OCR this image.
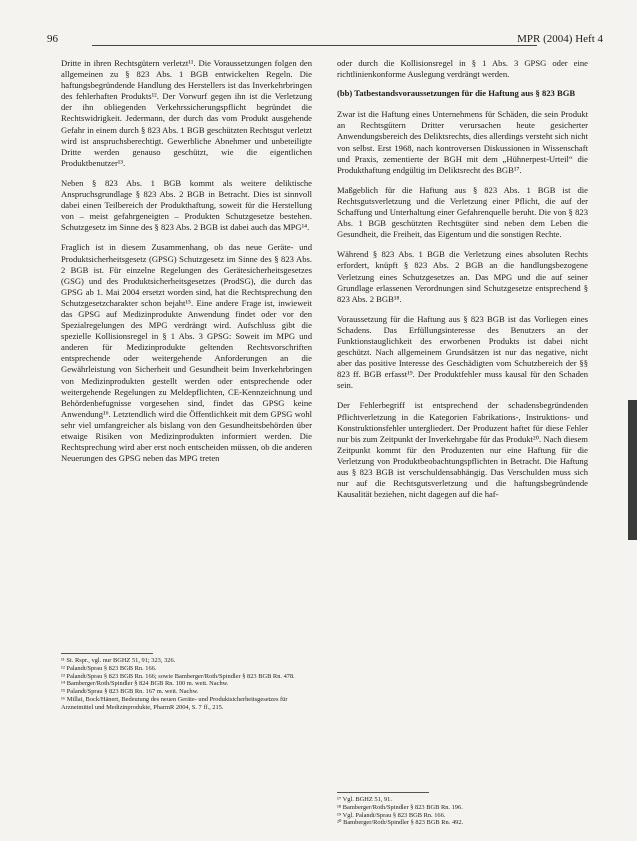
96	MPR (2004) Heft 4

Dritte in ihren Rechtsgütern verletzt¹¹. Die Voraussetzungen folgen den allgemeinen zu § 823 Abs. 1 BGB entwickelten Regeln. Die haftungsbegründende Handlung des Herstellers ist das Inverkehrbringen des fehlerhaften Produkts¹². Der Vorwurf gegen ihn ist die Verletzung der ihn obliegenden Verkehrssicherungspflicht begründet die Rechtswidrigkeit. Jedermann, der durch das vom Produkt ausgehende Gefahr in einem durch § 823 Abs. 1 BGB geschützten Rechtsgut verletzt wird ist anspruchsberechtigt. Gewerbliche Abnehmer und unbeteiligte Dritte werden genauso geschützt, wie die eigentlichen Produktbenutzer¹³.

Neben § 823 Abs. 1 BGB kommt als weitere deliktische Anspruchsgrundlage § 823 Abs. 2 BGB in Betracht. Dies ist sinnvoll dabei einen Teilbereich der Produkthaftung, soweit für die Herstellung von – meist gefahrgeneigten – Produkten Schutzgesetze bestehen. Schutzgesetz im Sinne des § 823 Abs. 2 BGB ist dabei auch das MPG¹⁴.

Fraglich ist in diesem Zusammenhang, ob das neue Geräte- und Produktsicherheitsgesetz (GPSG) Schutzgesetz im Sinne des § 823 Abs. 2 BGB ist. Für einzelne Regelungen des Gerätesicherheitsgesetzes (GSG) und des Produktsicherheitsgesetzes (ProdSG), die durch das GPSG ab 1. Mai 2004 ersetzt worden sind, hat die Rechtsprechung den Schutzgesetzcharakter schon bejaht¹⁵. Eine andere Frage ist, inwieweit das GPSG auf Medizinprodukte Anwendung findet oder vor den Spezialregelungen des MPG verdrängt wird. Aufschluss gibt die spezielle Kollisionsregel in § 1 Abs. 3 GPSG: Soweit im MPG und anderen für Medizinprodukte geltenden Rechtsvorschriften entsprechende oder weitergehende Anforderungen an die Gewährleistung von Sicherheit und Gesundheit beim Inverkehrbringen von Medizinprodukten gestellt werden oder entsprechende oder weitergehende Regelungen zu Meldepflichten, CE-Kennzeichnung und Behördenbefugnisse vorgesehen sind, findet das GPSG keine Anwendung¹⁶. Letztendlich wird die Öffentlichkeit mit dem GPSG wohl sehr viel umfangreicher als bislang von den Gesundheitsbehörden über etwaige Risiken von Medizinprodukten informiert werden. Die Rechtsprechung wird aber erst noch entscheiden müssen, ob die anderen Neuerungen des GPSG neben das MPG treten

¹¹ St. Rspr., vgl. nur BGHZ 51, 91; 323, 326.
¹² Palandt/Sprau § 823 BGB Rn. 166.
¹³ Palandt/Sprau § 823 BGB Rn. 166; sowie Bamberger/Roth/Spindler § 823 BGB Rn. 478.
¹⁴ Bamberger/Roth/Spindler § 824 BGB Rn. 100 m. weit. Nachw.
¹⁵ Palandt/Sprau § 823 BGB Rn. 167 m. weit. Nachw.
¹⁶ Millat, Bock/Hänert, Bedeutung des neuen Geräte- und Produktsicherheitsgesetzes für Arzneimittel und Medizinprodukte, PharmR 2004, S. 7 ff., 215.

oder durch die Kollisionsregel in § 1 Abs. 3 GPSG oder eine richtlinienkonforme Auslegung verdrängt werden.

(bb) Tatbestandsvoraussetzungen für die Haftung aus § 823 BGB

Zwar ist die Haftung eines Unternehmens für Schäden, die sein Produkt an Rechtsgütern Dritter verursachen heute gesicherter Anwendungsbereich des Deliktsrechts, dies allerdings versteht sich nicht von selbst. Erst 1968, nach kontroversen Diskussionen in Wissenschaft und Praxis, zementierte der BGH mit dem „Hühnerpest-Urteil“ die Produkthaftung endgültig im Deliktsrecht des BGB¹⁷.

Maßgeblich für die Haftung aus § 823 Abs. 1 BGB ist die Rechtsgutsverletzung und die Verletzung einer Pflicht, die auf der Schaffung und Unterhaltung einer Gefahrenquelle beruht. Die von § 823 Abs. 1 BGB geschützten Rechtsgüter sind neben dem Leben die Gesundheit, die Freiheit, das Eigentum und die sonstigen Rechte.

Während § 823 Abs. 1 BGB die Verletzung eines absoluten Rechts erfordert, knüpft § 823 Abs. 2 BGB an die handlungsbezogene Verletzung eines Schutzgesetzes an. Das MPG und die auf seiner Grundlage erlassenen Verordnungen sind Schutzgesetze entsprechend § 823 Abs. 2 BGB¹⁸.

Voraussetzung für die Haftung aus § 823 BGB ist das Vorliegen eines Schadens. Das Erfüllungsinteresse des Benutzers an der Funktionstauglichkeit des erworbenen Produkts ist dabei nicht geschützt. Nach allgemeinem Grundsätzen ist nur das negative, nicht aber das positive Interesse des Geschädigten vom Schutzbereich der §§ 823 ff. BGB erfasst¹⁹. Der Produktfehler muss kausal für den Schaden sein.

Der Fehlerbegriff ist entsprechend der schadensbegründenden Pflichtverletzung in die Kategorien Fabrikations-, Instruktions- und Konstruktionsfehler untergliedert. Der Produzent haftet für diese Fehler nur bis zum Zeitpunkt der Inverkehrgabe für das Produkt²⁰. Nach diesem Zeitpunkt kommt für den Produzenten nur eine Haftung für die Verletzung von Produktbeobachtungspflichten in Betracht. Die Haftung aus § 823 BGB ist verschuldensabhängig. Das Verschulden muss sich nur auf die Rechtsgutsverletzung und die haftungsbegründende Kausalität beziehen, nicht dagegen auf die haf-

¹⁷ Vgl. BGHZ 51, 91.
¹⁸ Bamberger/Roth/Spindler § 823 BGB Rn. 196.
¹⁹ Vgl. Palandt/Sprau § 823 BGB Rn. 166.
²⁰ Bamberger/Roth/Spindler § 823 BGB Rn. 492.
